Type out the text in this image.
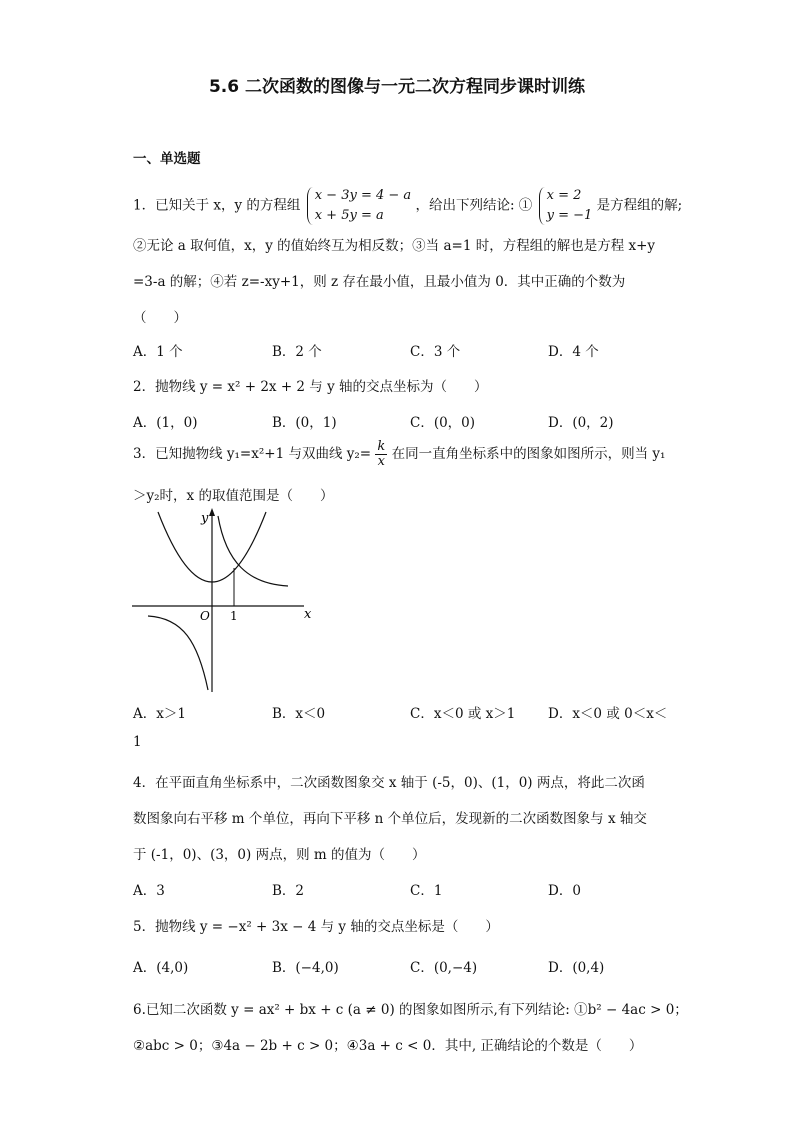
5.6 二次函数的图像与一元二次方程同步课时训练
一、单选题
1．已知关于 x，y 的方程组
x − 3y = 4 − a
x + 5y = a
，给出下列结论: ①
x = 2
y = −1
是方程组的解;
②无论 a 取何值，x，y 的值始终互为相反数；③当 a=1 时，方程组的解也是方程 x+y
=3-a 的解；④若 z=-xy+1，则 z 存在最小值，且最小值为 0．其中正确的个数为
（　　）
A．1 个	B．2 个	C．3 个	D．4 个
2．抛物线 y = x² + 2x + 2 与 y 轴的交点坐标为（　　）
A．(1，0)	B．(0，1)	C．(0，0)	D．(0，2)
3．已知抛物线 y₁=x²+1 与双曲线 $y_2= \frac{k}{x}$ 在同一直角坐标系中的图象如图所示，则当 y₁
＞y₂时，x 的取值范围是（　　）
y
x
O 1
A．x＞1	B．x＜0	C．x＜0 或 x＞1 D．x＜0 或 0＜x＜
1
4．在平面直角坐标系中，二次函数图象交 x 轴于 (-5，0)、(1，0) 两点，将此二次函
数图象向右平移 m 个单位，再向下平移 n 个单位后，发现新的二次函数图象与 x 轴交
于 (-1，0)、(3，0) 两点，则 m 的值为（　　）
A．3	B．2	C．1	D．0
5．抛物线 y = −x² + 3x − 4 与 y 轴的交点坐标是（　　）
A．(4,0)	B．(−4,0)	C．(0,−4)	D．(0,4)
6.已知二次函数 y = ax² + bx + c (a ≠ 0) 的图象如图所示,有下列结论: ①b² − 4ac > 0；
②abc > 0；③4a − 2b + c > 0；④3a + c < 0．其中, 正确结论的个数是（　　）
